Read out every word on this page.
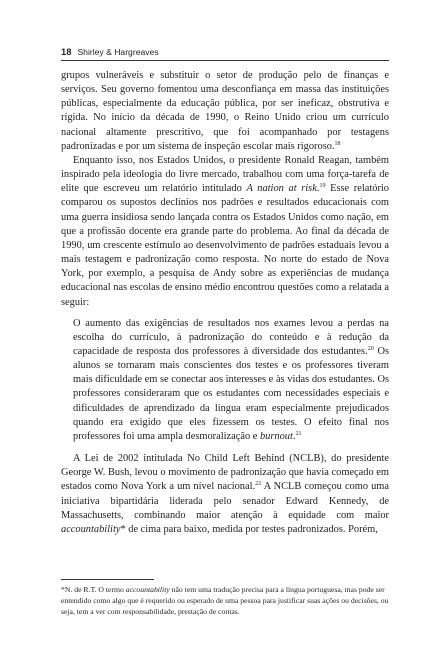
18 Shirley & Hargreaves

grupos vulneráveis e substituir o setor de produção pelo de finanças e serviços. Seu governo fomentou uma desconfiança em massa das instituições públicas, especialmente da educação pública, por ser ineficaz, obstrutiva e rígida. No início da década de 1990, o Reino Unido criou um currículo nacional altamente prescritivo, que foi acompanhado por testagens padronizadas e por um sistema de inspeção escolar mais rigoroso.$^{18}$

Enquanto isso, nos Estados Unidos, o presidente Ronald Reagan, também inspirado pela ideologia do livre mercado, trabalhou com uma força-tarefa de elite que escreveu um relatório intitulado A nation at risk.$^{19}$ Esse relatório comparou os supostos declínios nos padrões e resultados educacionais com uma guerra insidiosa sendo lançada contra os Estados Unidos como nação, em que a profissão docente era grande parte do problema. Ao final da década de 1990, um crescente estímulo ao desenvolvimento de padrões estaduais levou a mais testagem e padronização como resposta. No norte do estado de Nova York, por exemplo, a pesquisa de Andy sobre as experiências de mudança educacional nas escolas de ensino médio encontrou questões como a relatada a seguir:

O aumento das exigências de resultados nos exames levou a perdas na escolha do currículo, à padronização do conteúdo e à redução da capacidade de resposta dos professores à diversidade dos estudantes.$^{20}$ Os alunos se tornaram mais conscientes dos testes e os professores tiveram mais dificuldade em se conectar aos interesses e às vidas dos estudantes. Os professores consideraram que os estudantes com necessidades especiais e dificuldades de aprendizado da língua eram especialmente prejudicados quando era exigido que eles fizessem os testes. O efeito final nos professores foi uma ampla desmoralização e burnout.$^{21}$

A Lei de 2002 intitulada No Child Left Behind (NCLB), do presidente George W. Bush, levou o movimento de padronização que havia começado em estados como Nova York a um nível nacional.$^{22}$ A NCLB começou como uma iniciativa bipartidária liderada pelo senador Edward Kennedy, de Massachusetts, combinando maior atenção à equidade com maior accountability* de cima para baixo, medida por testes padronizados. Porém,

*N. de R.T. O termo accountability não tem uma tradução precisa para a língua portuguesa, mas pode ser entendido como algo que é requerido ou esperado de uma pessoa para justificar suas ações ou decisões, ou seja, tem a ver com responsabilidade, prestação de contas.
